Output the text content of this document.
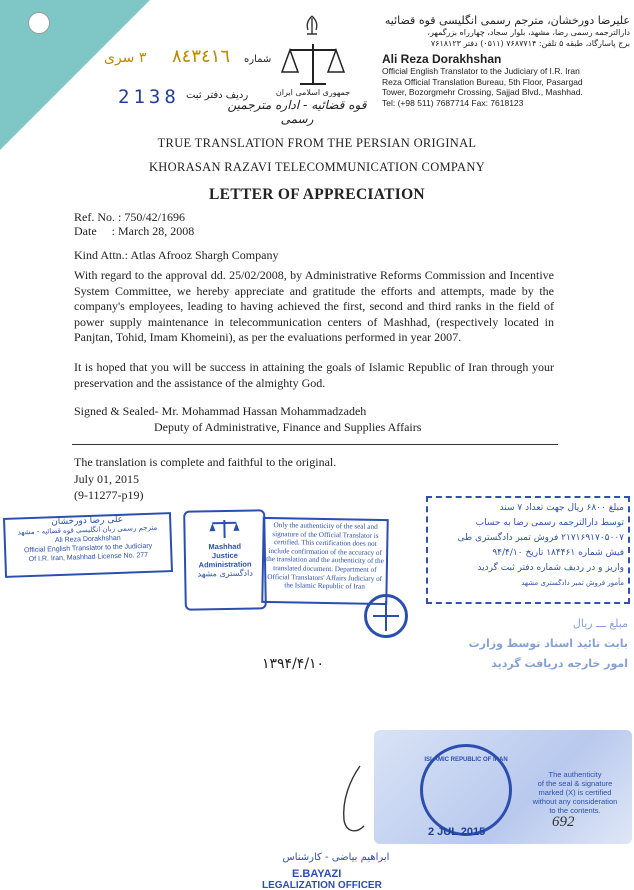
علیرضا دورخشان، مترجم رسمی انگلیسی قوه قضائیه
دارالترجمه رسمی رضا، مشهد، بلوار سجاد، چهارراه بزرگمهر،
برج پاسارگاد، طبقه ۵ تلفن: ۷۶۸۷۷۱۴ (۰۵۱۱) دفتر ۷۶۱۸۱۲۳
Ali Reza Dorakhshan
Official English Translator to the Judiciary of I.R. Iran
Reza Official Translation Bureau, 5th Floor, Pasargad
Tower, Bozorgmehr Crossing, Sajjad Blvd., Mashhad.
Tel: (+98 511) 7687714 Fax: 7618123
جمهوری اسلامی ایران
قوه قضائیه - اداره مترجمین رسمی
۳ سری ۸٤٣٤١٦ شماره
2138 ردیف دفتر ثبت
TRUE TRANSLATION FROM THE PERSIAN ORIGINAL
KHORASAN RAZAVI TELECOMMUNICATION COMPANY
LETTER OF APPRECIATION
Ref. No. : 750/42/1696
Date     : March 28, 2008
Kind Attn.: Atlas Afrooz Shargh Company

With regard to the approval dd. 25/02/2008, by Administrative Reforms Commission and Incentive System Committee, we hereby appreciate and gratitude the efforts and attempts, made by the company's employees, leading to having achieved the first, second and third ranks in the field of power supply maintenance in telecommunication centers of Mashhad, (respectively located in Panjtan, Tohid, Imam Khomeini), as per the evaluations performed in year 2007.

It is hoped that you will be success in attaining the goals of Islamic Republic of Iran through your preservation and the assistance of the almighty God.

Signed & Sealed- Mr. Mohammad Hassan Mohammadzadeh
Deputy of Administrative, Finance and Supplies Affairs
The translation is complete and faithful to the original.
July 01, 2015
(9-11277-p19)
علی رضا دورخشان
مترجم رسمی زبان انگلیسی قوه قضائیه - مشهد
Ali Reza Dorakhshan
Official English Translator to the Judiciary
Of I.R. Iran, Mashhad License No. 277
Mashhad
Justice Administration
دادگستری مشهد
Only the authenticity of the seal and signature of the Official Translator is certified. This certification does not include confirmation of the accuracy of the translation and the authenticity of the translated document. Department of Official Translators' Affairs Judiciary of the Islamic Republic of Iran
مبلغ ۶۸۰۰ ریال جهت تعداد ۷ سند
توسط دارالترجمه رسمی رضا به حساب
۲۱۷۱۶۹۱۷۰۵۰۰۷ فروش تمبر دادگستری طی
فیش شماره ۱۸۴۴۶۱ تاریخ ۹۴/۴/۱۰
واریز و در ردیف شماره دفتر ثبت گردید
مأمور فروش تمبر دادگستری مشهد
مبلغ ـــ ریال
بابت تائید اسناد توسط وزارت
امور خارجه دریافت گردید
۱۳۹۴/۴/۱۰
ISLAMIC REPUBLIC OF IRAN
The authenticity
of the seal & signature
marked (X) is certified
without any consideration
to the contents.
2 JUL 2015
692
ابراهیم بیاضی - کارشناس
E.BAYAZI
LEGALIZATION OFFICER
